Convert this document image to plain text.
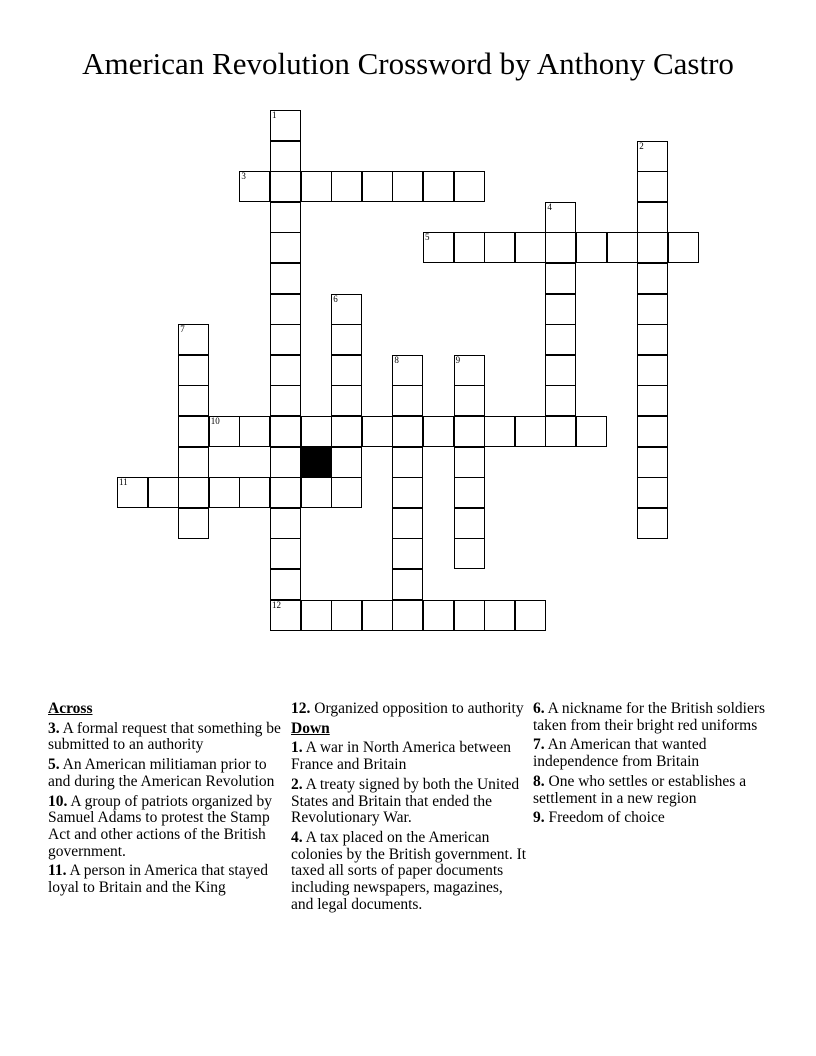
American Revolution Crossword by Anthony Castro
1
12
2
3
4
5
6
7
8	9
10
11
Across
3. A formal request that something be submitted to an authority
5. An American militiaman prior to and during the American Revolution
10. A group of patriots organized by Samuel Adams to protest the Stamp Act and other actions of the British government.
11. A person in America that stayed loyal to Britain and the King
12. Organized opposition to authority
Down
1. A war in North America between France and Britain
2. A treaty signed by both the United States and Britain that ended the Revolutionary War.
4. A tax placed on the American colonies by the British government. It taxed all sorts of paper documents including newspapers, magazines, and legal documents.
6. A nickname for the British soldiers taken from their bright red uniforms
7. An American that wanted independence from Britain
8. One who settles or establishes a settlement in a new region
9. Freedom of choice
